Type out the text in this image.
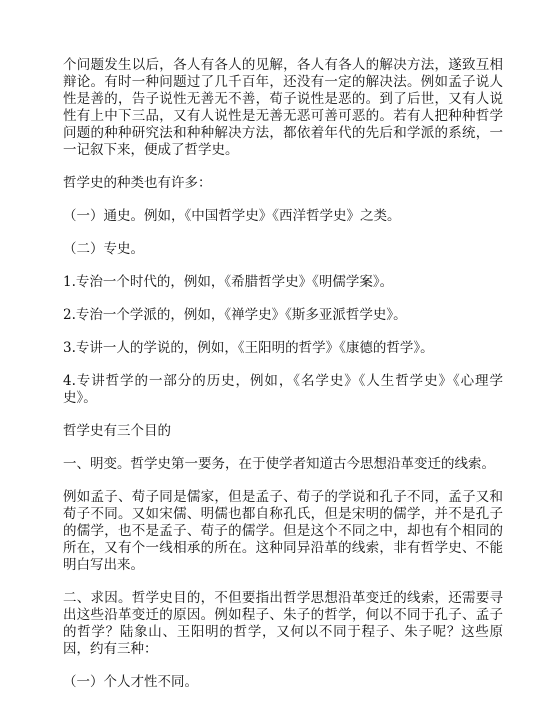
个问题发生以后，各人有各人的见解，各人有各人的解决方法，遂致互相辩论。有时一种问题过了几千百年，还没有一定的解决法。例如孟子说人性是善的，告子说性无善无不善，荀子说性是恶的。到了后世，又有人说性有上中下三品，又有人说性是无善无恶可善可恶的。若有人把种种哲学问题的种种研究法和种种解决方法，都依着年代的先后和学派的系统，一一记叙下来，便成了哲学史。

哲学史的种类也有许多：

（一）通史。例如，《中国哲学史》《西洋哲学史》之类。

（二）专史。

1.专治一个时代的，例如，《希腊哲学史》《明儒学案》。

2.专治一个学派的，例如，《禅学史》《斯多亚派哲学史》。

3.专讲一人的学说的，例如，《王阳明的哲学》《康德的哲学》。

4.专讲哲学的一部分的历史，例如，《名学史》《人生哲学史》《心理学史》。

哲学史有三个目的

一、明变。哲学史第一要务，在于使学者知道古今思想沿革变迁的线索。

例如孟子、荀子同是儒家，但是孟子、荀子的学说和孔子不同，孟子又和荀子不同。又如宋儒、明儒也都自称孔氏，但是宋明的儒学，并不是孔子的儒学，也不是孟子、荀子的儒学。但是这个不同之中，却也有个相同的所在，又有个一线相承的所在。这种同异沿革的线索，非有哲学史、不能明白写出来。

二、求因。哲学史目的，不但要指出哲学思想沿革变迁的线索，还需要寻出这些沿革变迁的原因。例如程子、朱子的哲学，何以不同于孔子、孟子的哲学？陆象山、王阳明的哲学，又何以不同于程子、朱子呢？这些原因，约有三种：

（一）个人才性不同。
